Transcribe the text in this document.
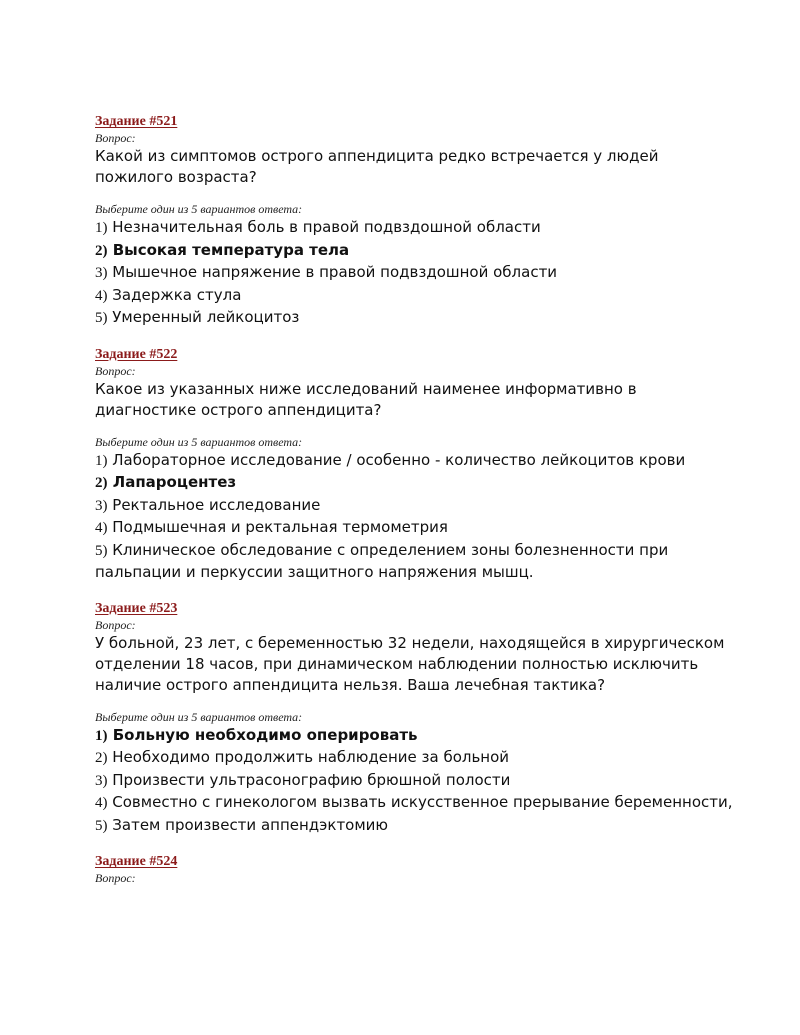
Задание #521
Вопрос:
Какой из симптомов острого аппендицита редко встречается у людей пожилого возраста?
Выберите один из 5 вариантов ответа:
1) Незначительная боль в правой подвздошной области
2) Высокая температура тела
3) Мышечное напряжение в правой подвздошной области
4) Задержка стула
5) Умеренный лейкоцитоз
Задание #522
Вопрос:
Какое из указанных ниже исследований наименее информативно в диагностике острого аппендицита?
Выберите один из 5 вариантов ответа:
1) Лабораторное исследование / особенно - количество лейкоцитов крови
2) Лапароцентез
3) Ректальное исследование
4) Подмышечная и ректальная термометрия
5) Клиническое обследование с определением зоны болезненности при пальпации и перкуссии защитного напряжения мышц.
Задание #523
Вопрос:
У больной, 23 лет, с беременностью 32 недели, находящейся в хирургическом отделении 18 часов, при динамическом наблюдении полностью исключить наличие острого аппендицита нельзя. Ваша лечебная тактика?
Выберите один из 5 вариантов ответа:
1) Больную необходимо оперировать
2) Необходимо продолжить наблюдение за больной
3) Произвести ультрасонографию брюшной полости
4) Совместно с гинекологом вызвать искусственное прерывание беременности,
5) Затем произвести аппендэктомию
Задание #524
Вопрос:
